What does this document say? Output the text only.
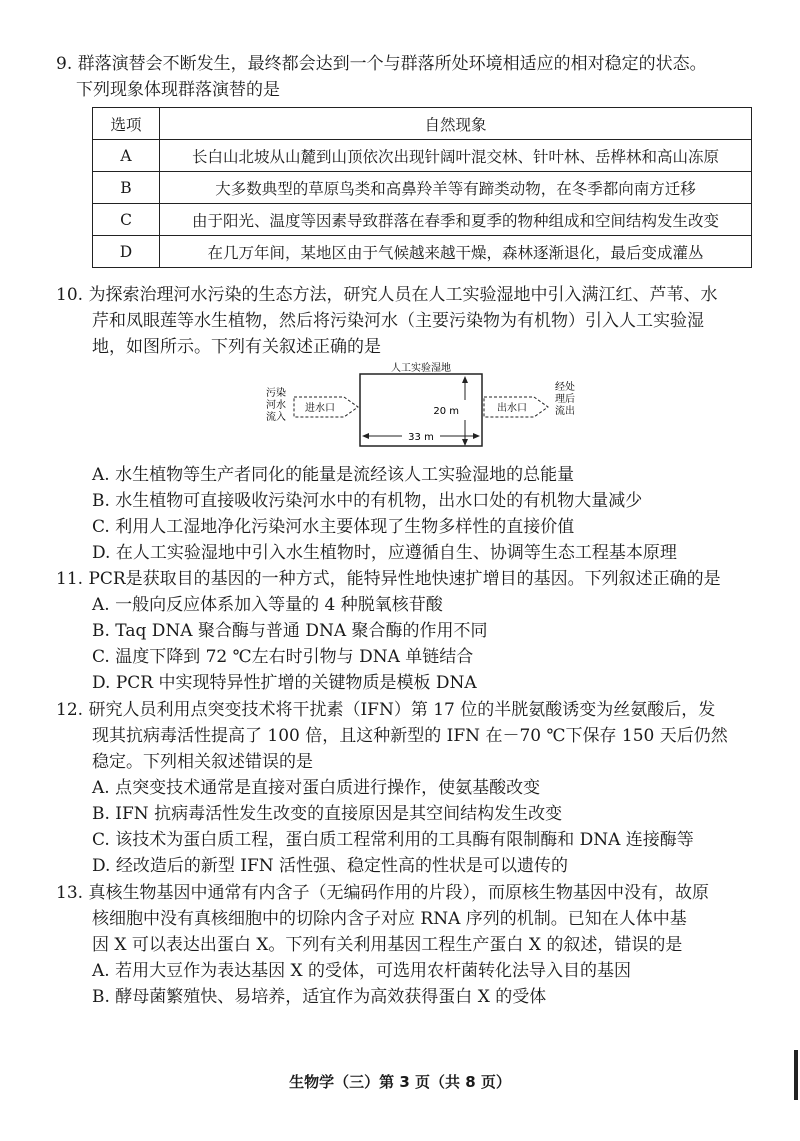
9. 群落演替会不断发生，最终都会达到一个与群落所处环境相适应的相对稳定的状态。
下列现象体现群落演替的是
选项	自然现象
A	长白山北坡从山麓到山顶依次出现针阔叶混交林、针叶林、岳桦林和高山冻原
B	大多数典型的草原鸟类和高鼻羚羊等有蹄类动物，在冬季都向南方迁移
C	由于阳光、温度等因素导致群落在春季和夏季的物种组成和空间结构发生改变
D	在几万年间，某地区由于气候越来越干燥，森林逐渐退化，最后变成灌丛
10. 为探索治理河水污染的生态方法，研究人员在人工实验湿地中引入满江红、芦苇、水
芹和凤眼莲等水生植物，然后将污染河水（主要污染物为有机物）引入人工实验湿
地，如图所示。下列有关叙述正确的是
人工实验湿地
污染
河水
流入
进水口	出水口
经处
理后
流出
20 m
33 m
A. 水生植物等生产者同化的能量是流经该人工实验湿地的总能量
B. 水生植物可直接吸收污染河水中的有机物，出水口处的有机物大量减少
C. 利用人工湿地净化污染河水主要体现了生物多样性的直接价值
D. 在人工实验湿地中引入水生植物时，应遵循自生、协调等生态工程基本原理
11. PCR是获取目的基因的一种方式，能特异性地快速扩增目的基因。下列叙述正确的是
A. 一般向反应体系加入等量的 4 种脱氧核苷酸
B. Taq DNA 聚合酶与普通 DNA 聚合酶的作用不同
C. 温度下降到 72 ℃左右时引物与 DNA 单链结合
D. PCR 中实现特异性扩增的关键物质是模板 DNA
12. 研究人员利用点突变技术将干扰素（IFN）第 17 位的半胱氨酸诱变为丝氨酸后，发
现其抗病毒活性提高了 100 倍，且这种新型的 IFN 在－70 ℃下保存 150 天后仍然
稳定。下列相关叙述错误的是
A. 点突变技术通常是直接对蛋白质进行操作，使氨基酸改变
B. IFN 抗病毒活性发生改变的直接原因是其空间结构发生改变
C. 该技术为蛋白质工程，蛋白质工程常利用的工具酶有限制酶和 DNA 连接酶等
D. 经改造后的新型 IFN 活性强、稳定性高的性状是可以遗传的
13. 真核生物基因中通常有内含子（无编码作用的片段），而原核生物基因中没有，故原
核细胞中没有真核细胞中的切除内含子对应 RNA 序列的机制。已知在人体中基
因 X 可以表达出蛋白 X。下列有关利用基因工程生产蛋白 X 的叙述，错误的是
A. 若用大豆作为表达基因 X 的受体，可选用农杆菌转化法导入目的基因
B. 酵母菌繁殖快、易培养，适宜作为高效获得蛋白 X 的受体
生物学（三）第 3 页（共 8 页）
